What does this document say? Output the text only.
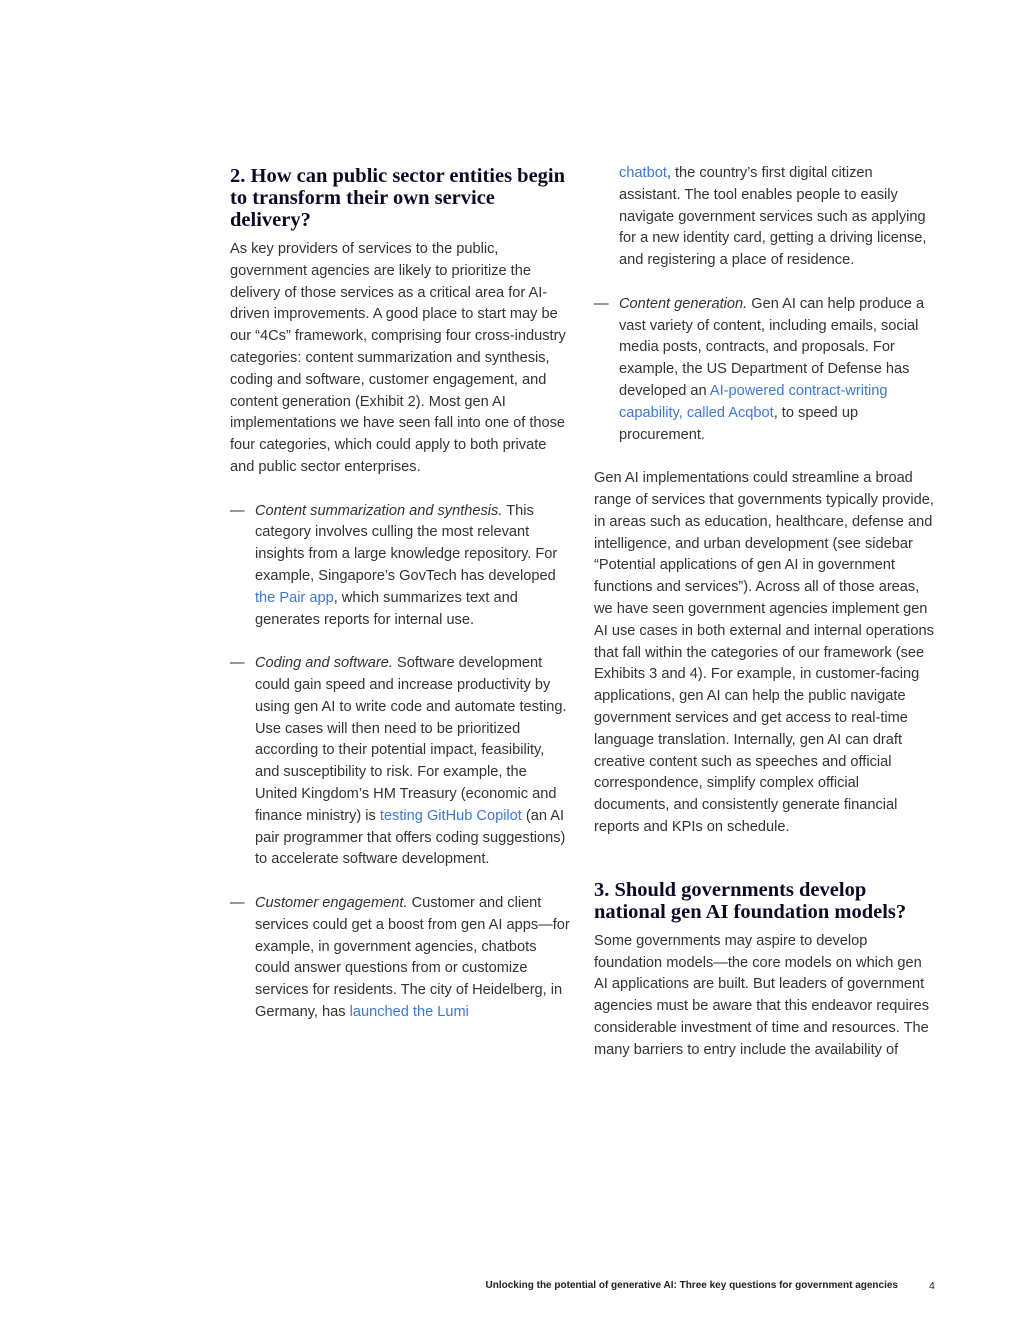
2. How can public sector entities begin to transform their own service delivery?

As key providers of services to the public, government agencies are likely to prioritize the delivery of those services as a critical area for AI-driven improvements. A good place to start may be our “4Cs” framework, comprising four cross-industry categories: content summarization and synthesis, coding and software, customer engagement, and content generation (Exhibit 2). Most gen AI implementations we have seen fall into one of those four categories, which could apply to both private and public sector enterprises.

— Content summarization and synthesis. This category involves culling the most relevant insights from a large knowledge repository. For example, Singapore’s GovTech has developed the Pair app, which summarizes text and generates reports for internal use.

— Coding and software. Software development could gain speed and increase productivity by using gen AI to write code and automate testing. Use cases will then need to be prioritized according to their potential impact, feasibility, and susceptibility to risk. For example, the United Kingdom’s HM Treasury (economic and finance ministry) is testing GitHub Copilot (an AI pair programmer that offers coding suggestions) to accelerate software development.

— Customer engagement. Customer and client services could get a boost from gen AI apps—for example, in government agencies, chatbots could answer questions from or customize services for residents. The city of Heidelberg, in Germany, has launched the Lumi

chatbot, the country’s first digital citizen assistant. The tool enables people to easily navigate government services such as applying for a new identity card, getting a driving license, and registering a place of residence.

— Content generation. Gen AI can help produce a vast variety of content, including emails, social media posts, contracts, and proposals. For example, the US Department of Defense has developed an AI-powered contract-writing capability, called Acqbot, to speed up procurement.

Gen AI implementations could streamline a broad range of services that governments typically provide, in areas such as education, healthcare, defense and intelligence, and urban development (see sidebar “Potential applications of gen AI in government functions and services”). Across all of those areas, we have seen government agencies implement gen AI use cases in both external and internal operations that fall within the categories of our framework (see Exhibits 3 and 4). For example, in customer-facing applications, gen AI can help the public navigate government services and get access to real-time language translation. Internally, gen AI can draft creative content such as speeches and official correspondence, simplify complex official documents, and consistently generate financial reports and KPIs on schedule.

3. Should governments develop national gen AI foundation models?

Some governments may aspire to develop foundation models—the core models on which gen AI applications are built. But leaders of government agencies must be aware that this endeavor requires considerable investment of time and resources. The many barriers to entry include the availability of

Unlocking the potential of generative AI: Three key questions for government agencies	4
